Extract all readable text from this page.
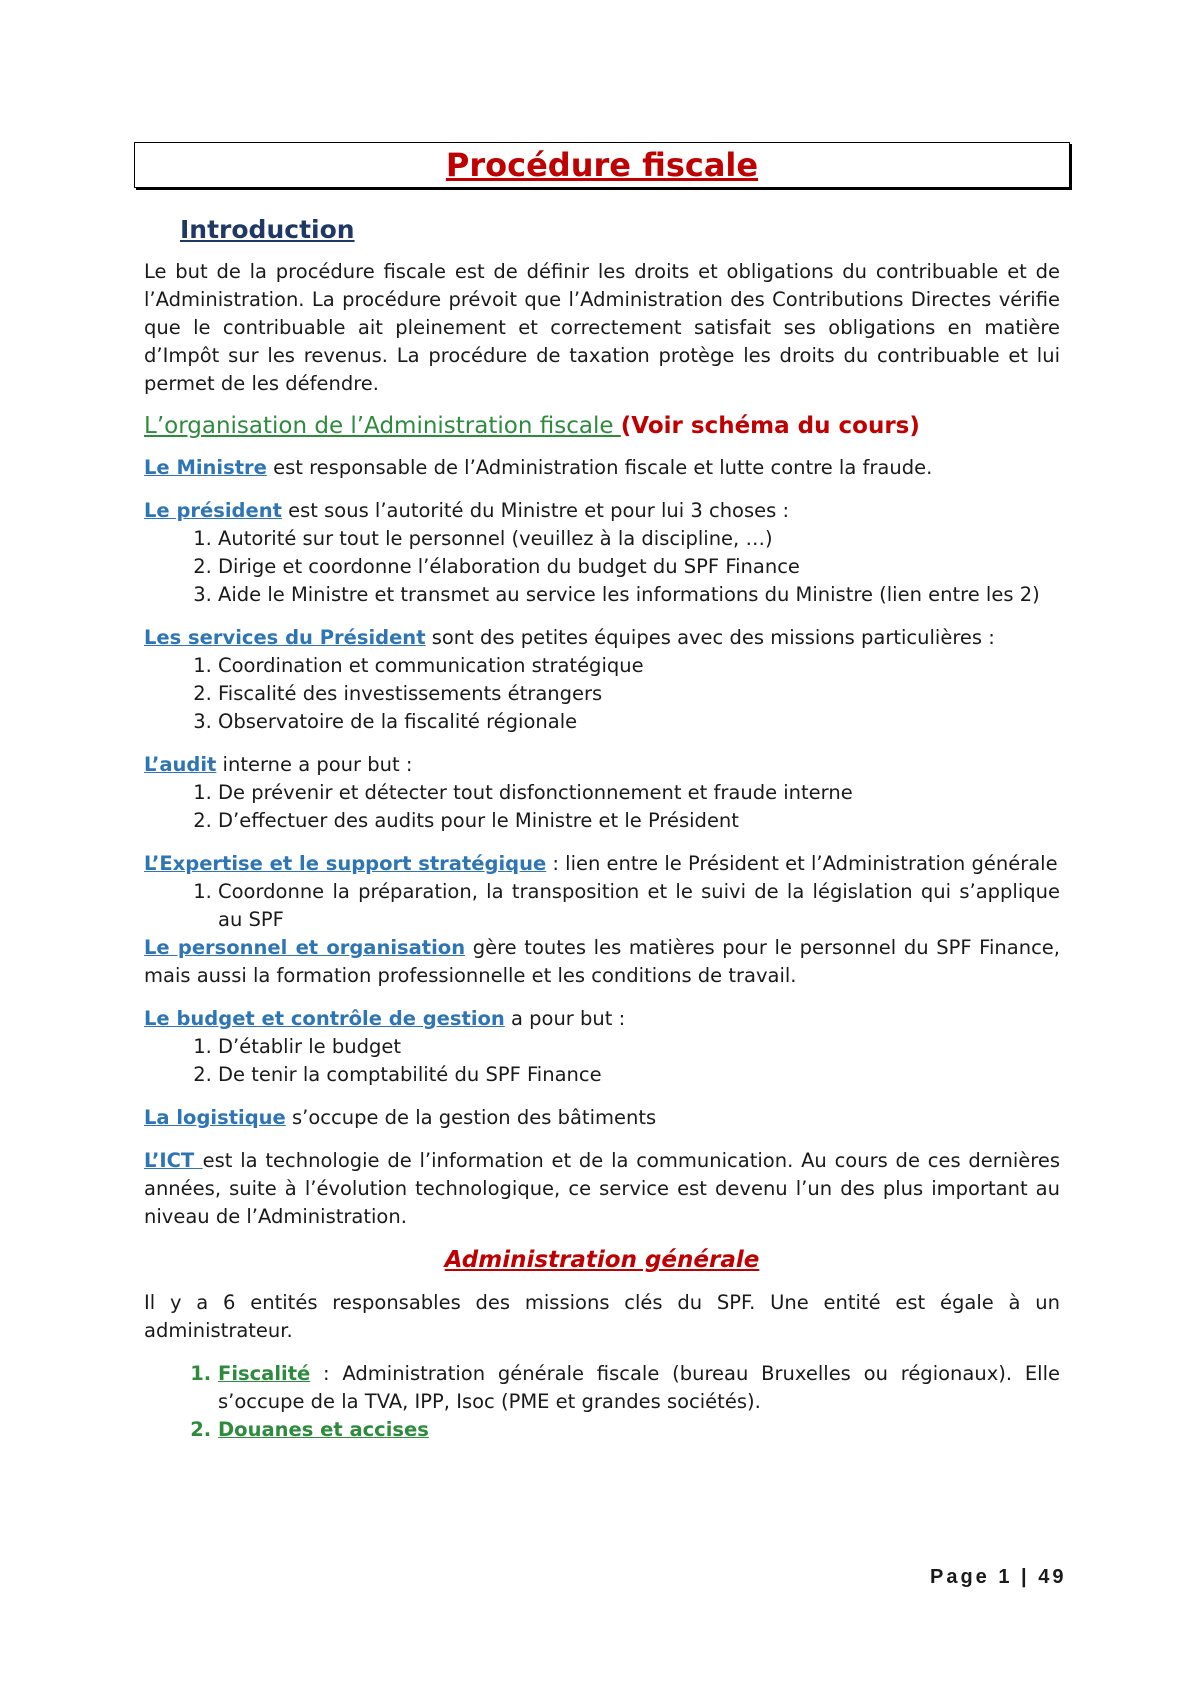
Procédure fiscale
Introduction

Le but de la procédure fiscale est de définir les droits et obligations du contribuable et de l’Administration. La procédure prévoit que l’Administration des Contributions Directes vérifie que le contribuable ait pleinement et correctement satisfait ses obligations en matière d’Impôt sur les revenus. La procédure de taxation protège les droits du contribuable et lui permet de les défendre.

L’organisation de l’Administration fiscale (Voir schéma du cours)

Le Ministre est responsable de l’Administration fiscale et lutte contre la fraude.

Le président est sous l’autorité du Ministre et pour lui 3 choses :

1. Autorité sur tout le personnel (veuillez à la discipline, …)
2. Dirige et coordonne l’élaboration du budget du SPF Finance
3. Aide le Ministre et transmet au service les informations du Ministre (lien entre les 2)

Les services du Président sont des petites équipes avec des missions particulières :

1. Coordination et communication stratégique
2. Fiscalité des investissements étrangers
3. Observatoire de la fiscalité régionale

L’audit interne a pour but :

1. De prévenir et détecter tout disfonctionnement et fraude interne
2. D’effectuer des audits pour le Ministre et le Président

L’Expertise et le support stratégique : lien entre le Président et l’Administration générale

1. Coordonne la préparation, la transposition et le suivi de la législation qui s’applique au SPF

Le personnel et organisation gère toutes les matières pour le personnel du SPF Finance, mais aussi la formation professionnelle et les conditions de travail.

Le budget et contrôle de gestion a pour but :

1. D’établir le budget
2. De tenir la comptabilité du SPF Finance

La logistique s’occupe de la gestion des bâtiments

L’ICT est la technologie de l’information et de la communication. Au cours de ces dernières années, suite à l’évolution technologique, ce service est devenu l’un des plus important au niveau de l’Administration.

Administration générale

Il y a 6 entités responsables des missions clés du SPF. Une entité est égale à un administrateur.

1. Fiscalité : Administration générale fiscale (bureau Bruxelles ou régionaux). Elle s’occupe de la TVA, IPP, Isoc (PME et grandes sociétés).
2. Douanes et accises
Page 1 | 49
